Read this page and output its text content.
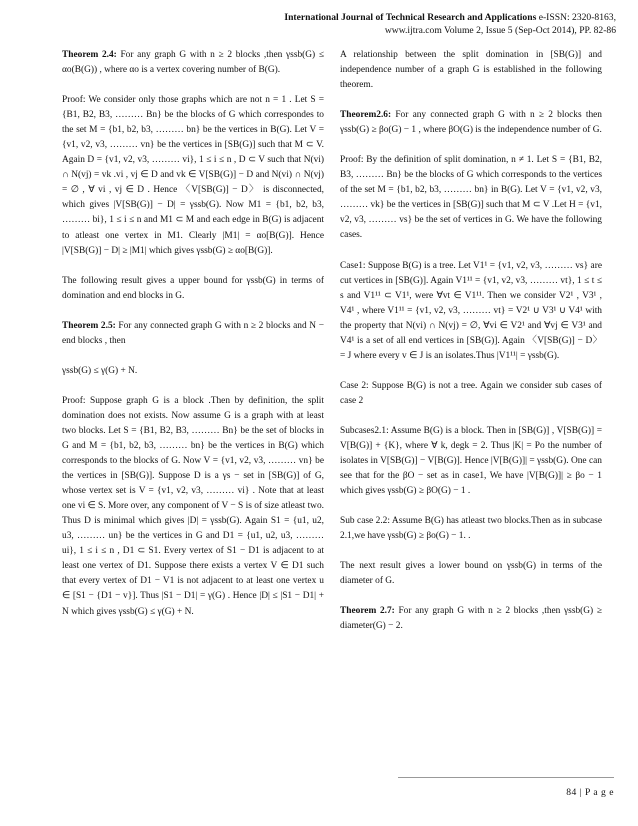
International Journal of Technical Research and Applications e-ISSN: 2320-8163,
www.ijtra.com Volume 2, Issue 5 (Sep-Oct 2014), PP. 82-86

Theorem 2.4: For any graph G with n ≥ 2 blocks ,then γssb(G) ≤ αo(B(G)) , where αo is a vertex covering number of B(G).

Proof: We consider only those graphs which are not n = 1 . Let S = {B1, B2, B3, ……… Bn} be the blocks of G which correspondes to the set M = {b1, b2, b3, ……… bn} be the vertices in B(G). Let V = {v1, v2, v3, ……… vn} be the vertices in [SB(G)] such that M ⊂ V. Again D = {v1, v2, v3, ……… vi}, 1 ≤ i ≤ n , D ⊂ V such that N(vi) ∩ N(vj) = vk .vi , vj ∈ D and vk ∈ V[SB(G)] − D and N(vi) ∩ N(vj) = ∅ , ∀ vi , vj ∈ D . Hence 〈V[SB(G)] − D〉 is disconnected, which gives |V[SB(G)] − D| = γssb(G). Now M1 = {b1, b2, b3, ……… bi}, 1 ≤ i ≤ n and M1 ⊂ M and each edge in B(G) is adjacent to atleast one vertex in M1. Clearly |M1| = αo[B(G)]. Hence |V[SB(G)] − D| ≥ |M1| which gives γssb(G) ≥ αo[B(G)].

The following result gives a upper bound for γssb(G) in terms of domination and end blocks in G.

Theorem 2.5: For any connected graph G with n ≥ 2 blocks and N − end blocks , then

γssb(G) ≤ γ(G) + N.

Proof: Suppose graph G is a block .Then by definition, the split domination does not exists. Now assume G is a graph with at least two blocks. Let S = {B1, B2, B3, ……… Bn} be the set of blocks in G and M = {b1, b2, b3, ……… bn} be the vertices in B(G) which corresponds to the blocks of G. Now V = {v1, v2, v3, ……… vn} be the vertices in [SB(G)]. Suppose D is a γs − set in [SB(G)] of G, whose vertex set is V = {v1, v2, v3, ……… vi} . Note that at least one vi ∈ S. More over, any component of V − S is of size atleast two. Thus D is minimal which gives |D| = γssb(G). Again S1 = {u1, u2, u3, ……… un} be the vertices in G and D1 = {u1, u2, u3, ……… ui}, 1 ≤ i ≤ n , D1 ⊂ S1. Every vertex of S1 − D1 is adjacent to at least one vertex of D1. Suppose there exists a vertex V ∈ D1 such that every vertex of D1 − V1 is not adjacent to at least one vertex u ∈ [S1 − {D1 − v}]. Thus |S1 − D1| = γ(G) . Hence |D| ≤ |S1 − D1| + N which gives γssb(G) ≤ γ(G) + N.

A relationship between the split domination in [SB(G)] and independence number of a graph G is established in the following theorem.

Theorem2.6: For any connected graph G with n ≥ 2 blocks then γssb(G) ≥ βo(G) − 1 , where βO(G) is the independence number of G.

Proof: By the definition of split domination, n ≠ 1. Let S = {B1, B2, B3, ……… Bn} be the blocks of G which corresponds to the vertices of the set M = {b1, b2, b3, ……… bn} in B(G). Let V = {v1, v2, v3, ……… vk} be the vertices in [SB(G)] such that M ⊂ V .Let H = {v1, v2, v3, ……… vs} be the set of vertices in G. We have the following cases.

Case1: Suppose B(G) is a tree. Let V1¹ = {v1, v2, v3, ……… vs} are cut vertices in [SB(G)]. Again V1¹¹ = {v1, v2, v3, ……… vt}, 1 ≤ t ≤ s and V1¹¹ ⊂ V1¹, were ∀vt ∈ V1¹¹. Then we consider V2¹ , V3¹ , V4¹ , where V1¹¹ = {v1, v2, v3, ……… vt} = V2¹ ∪ V3¹ ∪ V4¹ with the property that N(vi) ∩ N(vj) = ∅, ∀vi ∈ V2¹ and ∀vj ∈ V3¹ and V4¹ is a set of all end vertices in [SB(G)]. Again 〈V[SB(G)] − D〉 = J where every v ∈ J is an isolates.Thus |V1¹¹| = γssb(G).

Case 2: Suppose B(G) is not a tree. Again we consider sub cases of case 2

Subcases2.1: Assume B(G) is a block. Then in [SB(G)] , V[SB(G)] = V[B(G)] + {K}, where ∀ k, degk = 2. Thus |K| = Po the number of isolates in V[SB(G)] − V[B(G)]. Hence |V[B(G)]| = γssb(G). One can see that for the βO − set as in case1, We have |V[B(G)]| ≥ βo − 1 which gives γssb(G) ≥ βO(G) − 1 .

Sub case 2.2: Assume B(G) has atleast two blocks.Then as in subcase 2.1,we have γssb(G) ≥ βo(G) − 1. .

The next result gives a lower bound on γssb(G) in terms of the diameter of G.

Theorem 2.7: For any graph G with n ≥ 2 blocks ,then γssb(G) ≥ diameter(G) − 2.

84 | P a g e
